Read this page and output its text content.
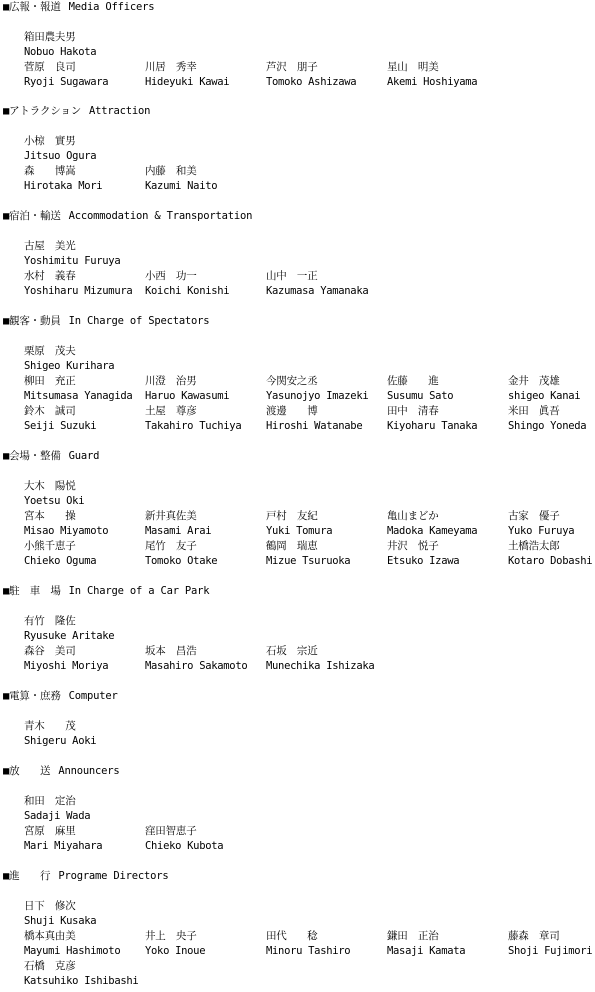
■広報・報道 Media Officers
箱田農夫男
Nobuo Hakota
菅原　良司
Ryoji Sugawara
川居　秀幸
Hideyuki Kawai
芦沢　朋子
Tomoko Ashizawa
星山　明美
Akemi Hoshiyama
■アトラクション Attraction
小椋　實男
Jitsuo Ogura
森　　博嵩
Hirotaka Mori
内藤　和美
Kazumi Naito
■宿泊・輸送 Accommodation & Transportation
古屋　美光
Yoshimitu Furuya
水村　義春
Yoshiharu Mizumura
小西　功一
Koichi Konishi
山中　一正
Kazumasa Yamanaka
■観客・動員 In Charge of Spectators
栗原　茂夫
Shigeo Kurihara
柳田　充正
Mitsumasa Yanagida
川澄　治男
Haruo Kawasumi
今関安之丞
Yasunojyo Imazeki
佐藤　　進
Susumu Sato
金井　茂雄
shigeo Kanai
鈴木　誠司
Seiji Suzuki
土屋　尊彦
Takahiro Tuchiya
渡邊　　博
Hiroshi Watanabe
田中　清春
Kiyoharu Tanaka
米田　眞吾
Shingo Yoneda
■会場・整備 Guard
大木　陽悦
Yoetsu Oki
宮本　　操
Misao Miyamoto
新井真佐美
Masami Arai
戸村　友紀
Yuki Tomura
亀山まどか
Madoka Kameyama
古家　優子
Yuko Furuya
小熊千恵子
Chieko Oguma
尾竹　友子
Tomoko Otake
鶴岡　瑞恵
Mizue Tsuruoka
井沢　悦子
Etsuko Izawa
土橋浩太郎
Kotaro Dobashi
■駐　車　場 In Charge of a Car Park
有竹　隆佐
Ryusuke Aritake
森谷　美司
Miyoshi Moriya
坂本　昌浩
Masahiro Sakamoto
石坂　宗近
Munechika Ishizaka
■電算・庶務 Computer
青木　　茂
Shigeru Aoki
■放　　送 Announcers
和田　定治
Sadaji Wada
宮原　麻里
Mari Miyahara
窪田智恵子
Chieko Kubota
■進　　行 Programe Directors
日下　修次
Shuji Kusaka
橋本真由美
Mayumi Hashimoto
井上　央子
Yoko Inoue
田代　　稔
Minoru Tashiro
鎌田　正治
Masaji Kamata
藤森　章司
Shoji Fujimori
石橋　克彦
Katsuhiko Ishibashi
